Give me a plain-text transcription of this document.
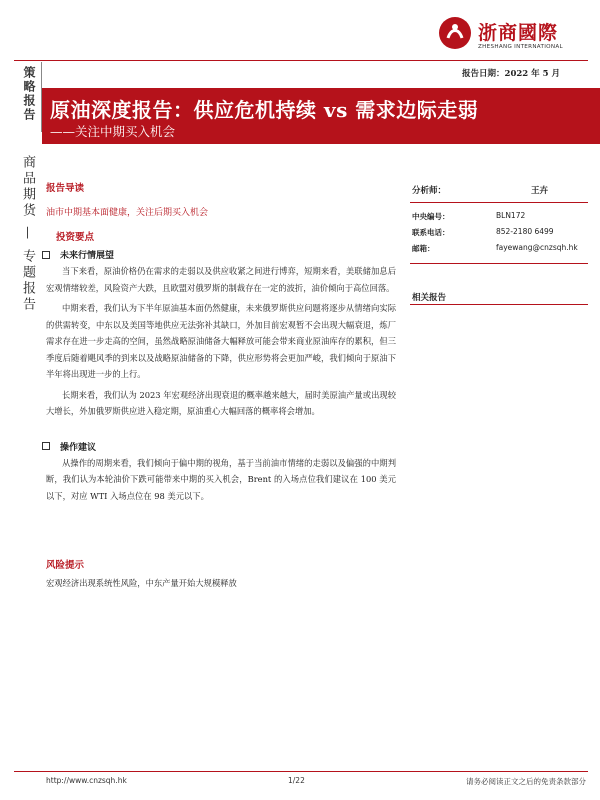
浙商國際
ZHESHANG INTERNATIONAL
报告日期：2022 年 5 月
策略报告
商品期货 — 专题报告
原油深度报告：供应危机持续 vs 需求边际走弱
——关注中期买入机会
报告导读
油市中期基本面健康，关注后期买入机会
投资要点
未来行情展望

当下来看，原油价格仍在需求的走弱以及供应收紧之间进行博弈，短期来看，美联储加息后宏观情绪较差，风险资产大跌，且欧盟对俄罗斯的制裁存在一定的波折，油价倾向于高位回落。

中期来看，我们认为下半年原油基本面仍然健康，未来俄罗斯供应问题将逐步从情绪向实际的供需转变，中东以及美国等地供应无法弥补其缺口，外加目前宏观暂不会出现大幅衰退，炼厂需求存在进一步走高的空间，虽然战略原油储备大幅释放可能会带来商业原油库存的累积，但三季度后随着飓风季的到来以及战略原油储备的下降，供应形势将会更加严峻，我们倾向于原油下半年将出现进一步的上行。

长期来看，我们认为 2023 年宏观经济出现衰退的概率越来越大，届时美原油产量或出现较大增长，外加俄罗斯供应进入稳定期，原油重心大幅回落的概率将会增加。

操作建议

从操作的周期来看，我们倾向于偏中期的视角，基于当前油市情绪的走弱以及偏强的中期判断，我们认为本轮油价下跌可能带来中期的买入机会，Brent 的入场点位我们建议在 100 美元以下，对应 WTI 入场点位在 98 美元以下。

风险提示
宏观经济出现系统性风险，中东产量开始大规模释放
分析师：	王卉
中央编号：	BLN172
联系电话：	852-2180 6499
邮箱：	fayewang@cnzsqh.hk
相关报告
http://www.cnzsqh.hk	1/22	请务必阅读正文之后的免责条款部分
